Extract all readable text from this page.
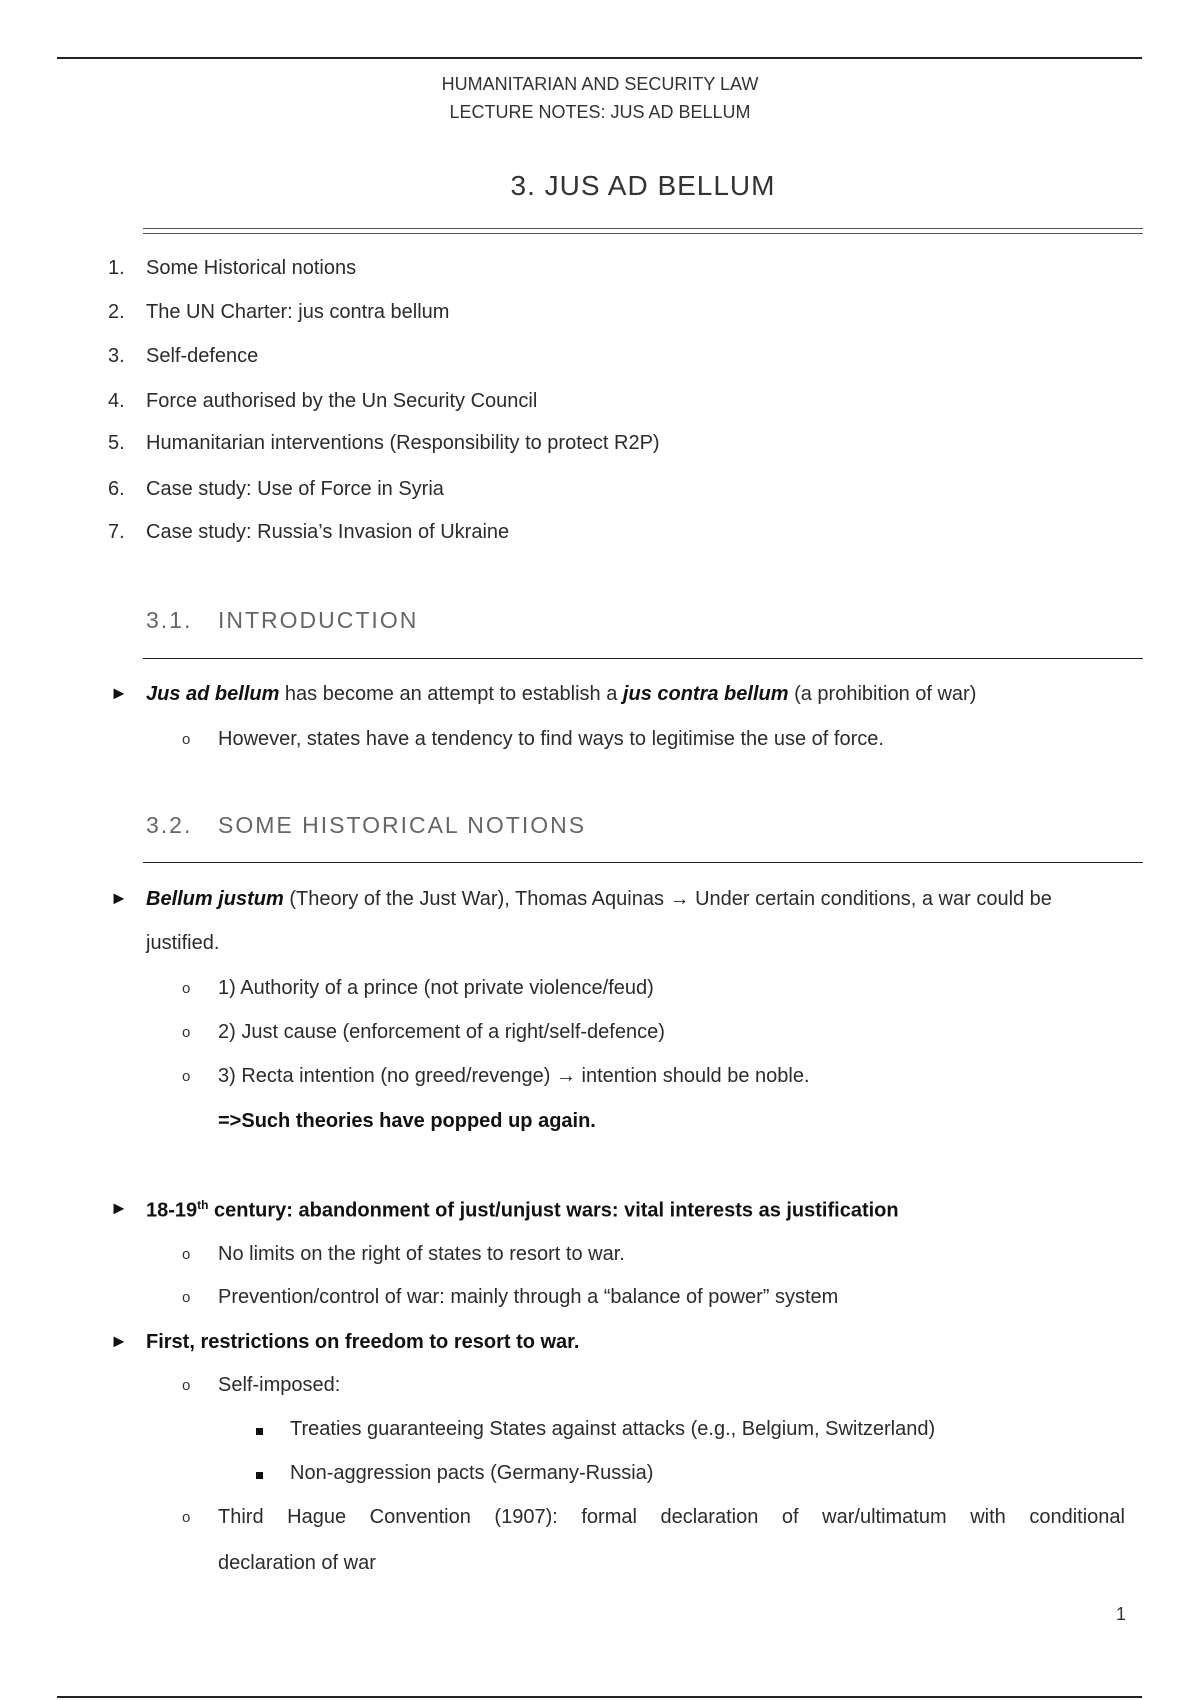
HUMANITARIAN AND SECURITY LAW
LECTURE NOTES: JUS AD BELLUM
3. JUS AD BELLUM
1. Some Historical notions
2. The UN Charter: jus contra bellum
3. Self-defence
4. Force authorised by the Un Security Council
5. Humanitarian interventions (Responsibility to protect R2P)
6. Case study: Use of Force in Syria
7. Case study: Russia’s Invasion of Ukraine
3.1. INTRODUCTION
► Jus ad bellum has become an attempt to establish a jus contra bellum (a prohibition of war)
o However, states have a tendency to find ways to legitimise the use of force.
3.2. SOME HISTORICAL NOTIONS
► Bellum justum (Theory of the Just War), Thomas Aquinas → Under certain conditions, a war could be
justified.
o 1) Authority of a prince (not private violence/feud)
o 2) Just cause (enforcement of a right/self-defence)
o 3) Recta intention (no greed/revenge) → intention should be noble.
=>Such theories have popped up again.
► 18-19th century: abandonment of just/unjust wars: vital interests as justification
o No limits on the right of states to resort to war.
o Prevention/control of war: mainly through a “balance of power” system
► First, restrictions on freedom to resort to war.
o Self-imposed:
Treaties guaranteeing States against attacks (e.g., Belgium, Switzerland)
Non-aggression pacts (Germany-Russia)
o Third Hague Convention (1907): formal declaration of war/ultimatum with conditional
declaration of war
1
